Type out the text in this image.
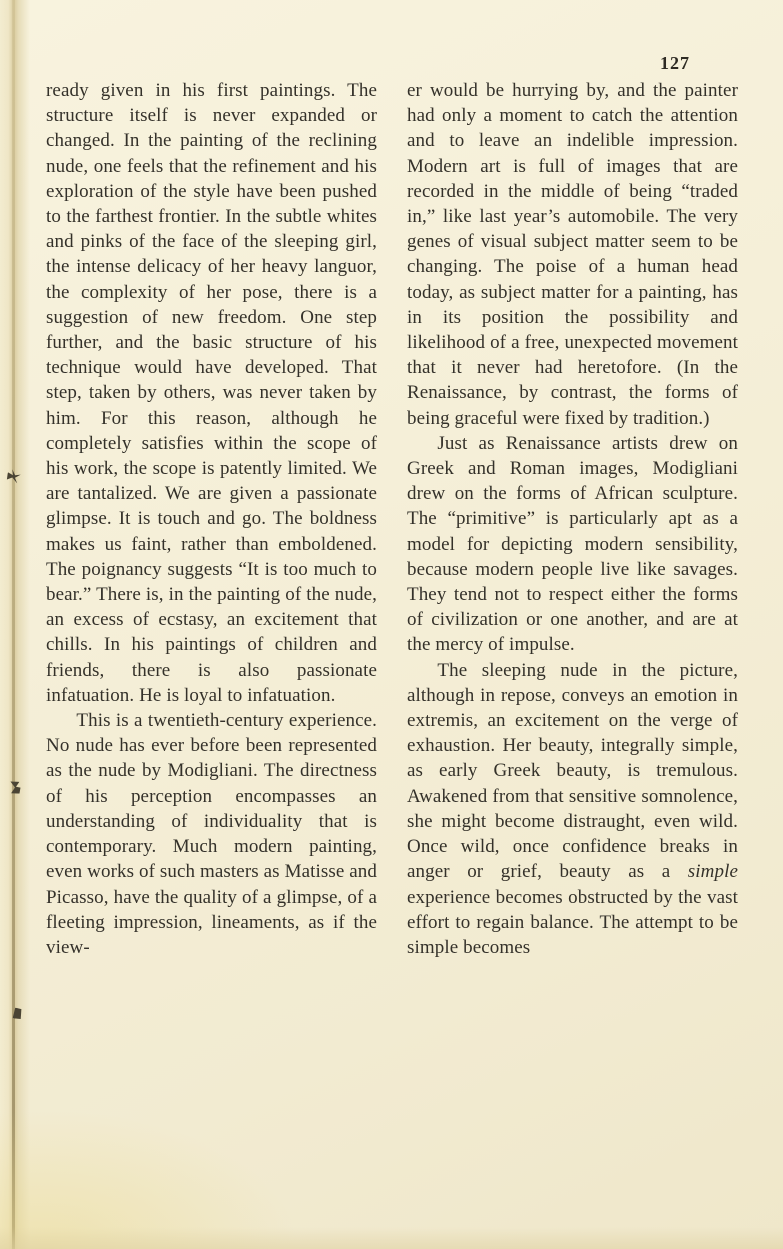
127

ready given in his first paintings. The structure itself is never expanded or changed. In the painting of the reclining nude, one feels that the refinement and his exploration of the style have been pushed to the farthest frontier. In the subtle whites and pinks of the face of the sleeping girl, the intense delicacy of her heavy languor, the complexity of her pose, there is a suggestion of new freedom. One step further, and the basic structure of his technique would have developed. That step, taken by others, was never taken by him. For this reason, although he completely satisfies within the scope of his work, the scope is patently limited. We are tantalized. We are given a passionate glimpse. It is touch and go. The boldness makes us faint, rather than emboldened. The poignancy suggests “It is too much to bear.” There is, in the painting of the nude, an excess of ecstasy, an excitement that chills. In his paintings of children and friends, there is also passionate infatuation. He is loyal to infatuation.

This is a twentieth-century experience. No nude has ever before been represented as the nude by Modigliani. The directness of his perception encompasses an understanding of individuality that is contemporary. Much modern painting, even works of such masters as Matisse and Picasso, have the quality of a glimpse, of a fleeting impression, lineaments, as if the view-

er would be hurrying by, and the painter had only a moment to catch the attention and to leave an indelible impression. Modern art is full of images that are recorded in the middle of being “traded in,” like last year’s automobile. The very genes of visual subject matter seem to be changing. The poise of a human head today, as subject matter for a painting, has in its position the possibility and likelihood of a free, unexpected movement that it never had heretofore. (In the Renaissance, by contrast, the forms of being graceful were fixed by tradition.)

Just as Renaissance artists drew on Greek and Roman images, Modigliani drew on the forms of African sculpture. The “primitive” is particularly apt as a model for depicting modern sensibility, because modern people live like savages. They tend not to respect either the forms of civilization or one another, and are at the mercy of impulse.

The sleeping nude in the picture, although in repose, conveys an emotion in extremis, an excitement on the verge of exhaustion. Her beauty, integrally simple, as early Greek beauty, is tremulous. Awakened from that sensitive somnolence, she might become distraught, even wild. Once wild, once confidence breaks in anger or grief, beauty as a simple experience becomes obstructed by the vast effort to regain balance. The attempt to be simple becomes
